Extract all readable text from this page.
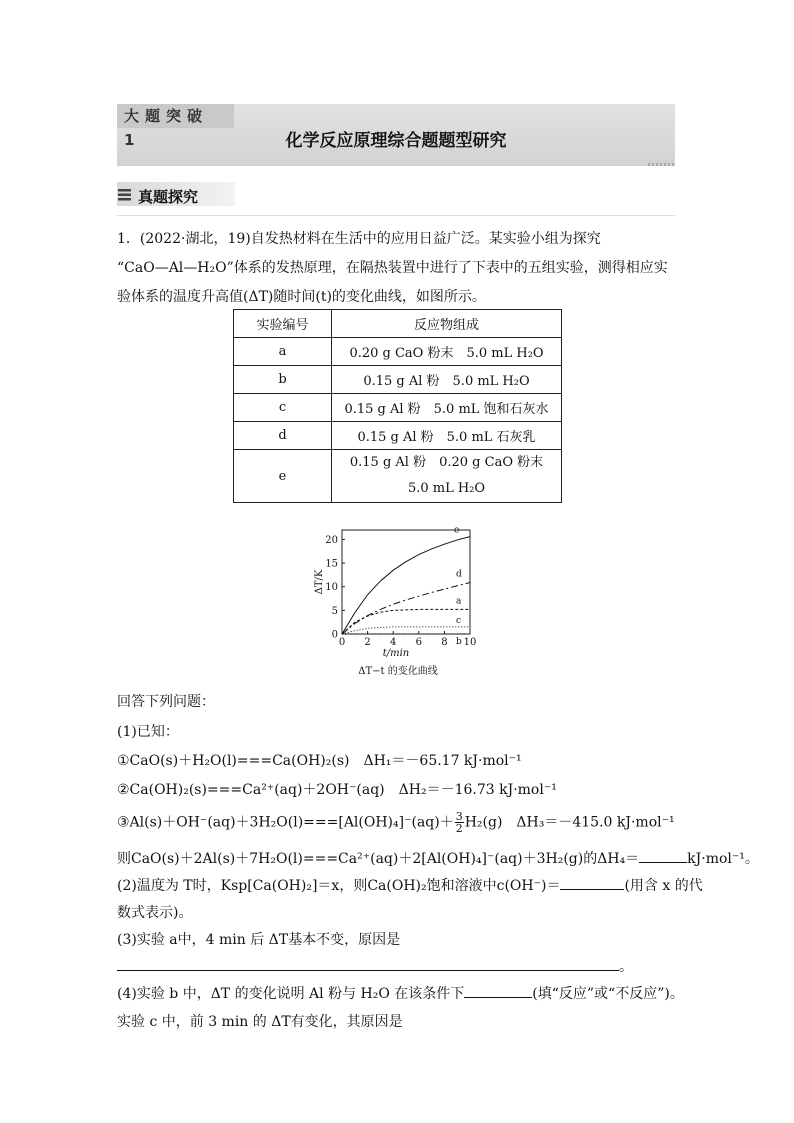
大题突破 1	化学反应原理综合题题型研究
真题探究
1．(2022·湖北，19)自发热材料在生活中的应用日益广泛。某实验小组为探究
“CaO—Al—H₂O”体系的发热原理，在隔热装置中进行了下表中的五组实验，测得相应实
验体系的温度升高值(ΔT)随时间(t)的变化曲线，如图所示。
实验编号	反应物组成
a	0.20 g CaO 粉末　5.0 mL H₂O
b	0.15 g Al 粉　5.0 mL H₂O
c	0.15 g Al 粉　5.0 mL 饱和石灰水
d	0.15 g Al 粉　5.0 mL 石灰乳
e	0.15 g Al 粉　0.20 g CaO 粉末
5.0 mL H₂O
0 2 4 6 8 10
0
5
10
15
20
t/min
ΔT/K
e
d
a
c
b
ΔT−t 的变化曲线
回答下列问题：
(1)已知：
①CaO(s)＋H₂O(l)===Ca(OH)₂(s)　ΔH₁＝－65.17 kJ·mol⁻¹
②Ca(OH)₂(s)===Ca²⁺(aq)＋2OH⁻(aq)　ΔH₂＝－16.73 kJ·mol⁻¹
③Al(s)＋OH⁻(aq)＋3H₂O(l)===[Al(OH)₄]⁻(aq)＋ $\frac{3}{2} H_2(g)$　ΔH₃＝－415.0 kJ·mol⁻¹
则CaO(s)＋2Al(s)＋7H₂O(l)===Ca²⁺(aq)＋2[Al(OH)₄]⁻(aq)＋3H₂(g)的ΔH₄＝	kJ·mol⁻¹。
(2)温度为 T时，Ksp[Ca(OH)₂]＝x，则Ca(OH)₂饱和溶液中c(OH⁻)＝	(用含 x 的代
数式表示)。
(3)实验 a中，4 min 后 ΔT基本不变，原因是
。
(4)实验 b 中，ΔT 的变化说明 Al 粉与 H₂O 在该条件下	(填“反应”或“不反应”)。
实验 c 中，前 3 min 的 ΔT有变化，其原因是
